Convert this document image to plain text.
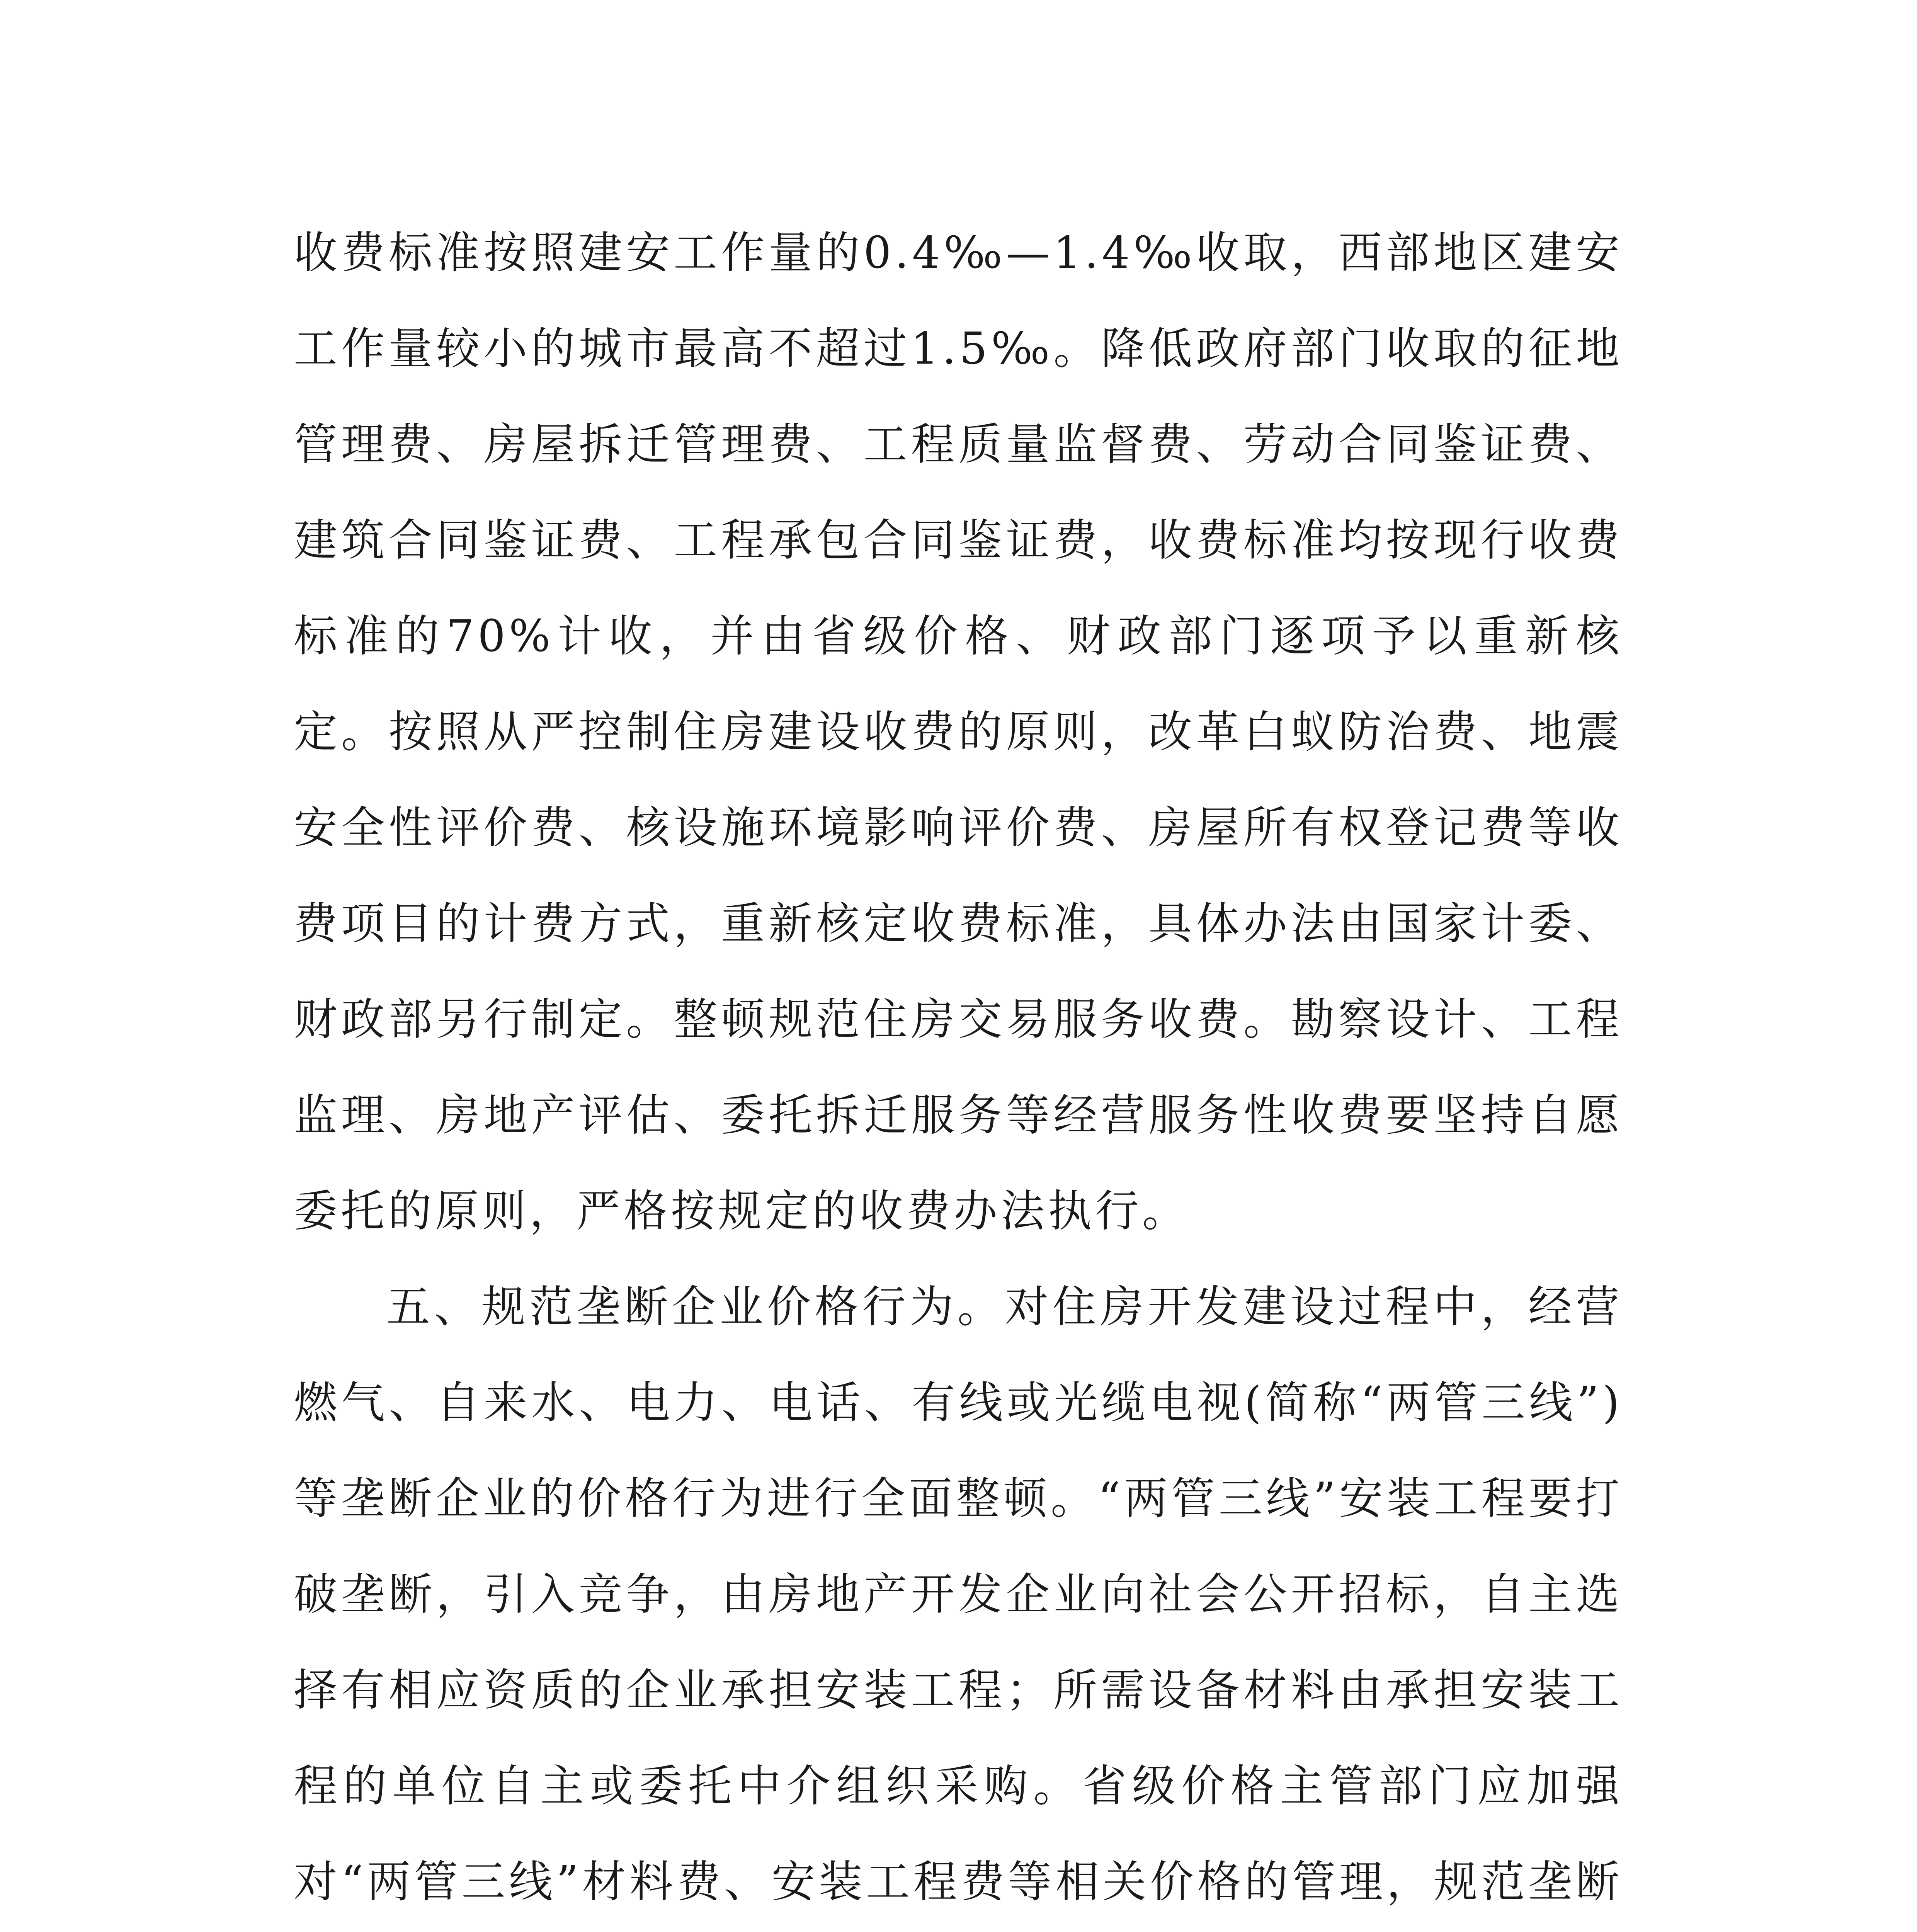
收费标准按照建安工作量的0.4‰—1.4‰收取，西部地区建安工作量较小的城市最高不超过1.5‰。降低政府部门收取的征地管理费、房屋拆迁管理费、工程质量监督费、劳动合同鉴证费、建筑合同鉴证费、工程承包合同鉴证费，收费标准均按现行收费标准的70%计收，并由省级价格、财政部门逐项予以重新核定。按照从严控制住房建设收费的原则，改革白蚁防治费、地震安全性评价费、核设施环境影响评价费、房屋所有权登记费等收费项目的计费方式，重新核定收费标准，具体办法由国家计委、财政部另行制定。整顿规范住房交易服务收费。勘察设计、工程监理、房地产评估、委托拆迁服务等经营服务性收费要坚持自愿委托的原则，严格按规定的收费办法执行。

五、规范垄断企业价格行为。对住房开发建设过程中，经营燃气、自来水、电力、电话、有线或光缆电视(简称“两管三线”)等垄断企业的价格行为进行全面整顿。“两管三线”安装工程要打破垄断，引入竞争，由房地产开发企业向社会公开招标，自主选择有相应资质的企业承担安装工程；所需设备材料由承担安装工程的单位自主或委托中介组织采购。省级价格主管部门应加强对“两管三线”材料费、安装工程费等相关价格的管理，规范垄断
